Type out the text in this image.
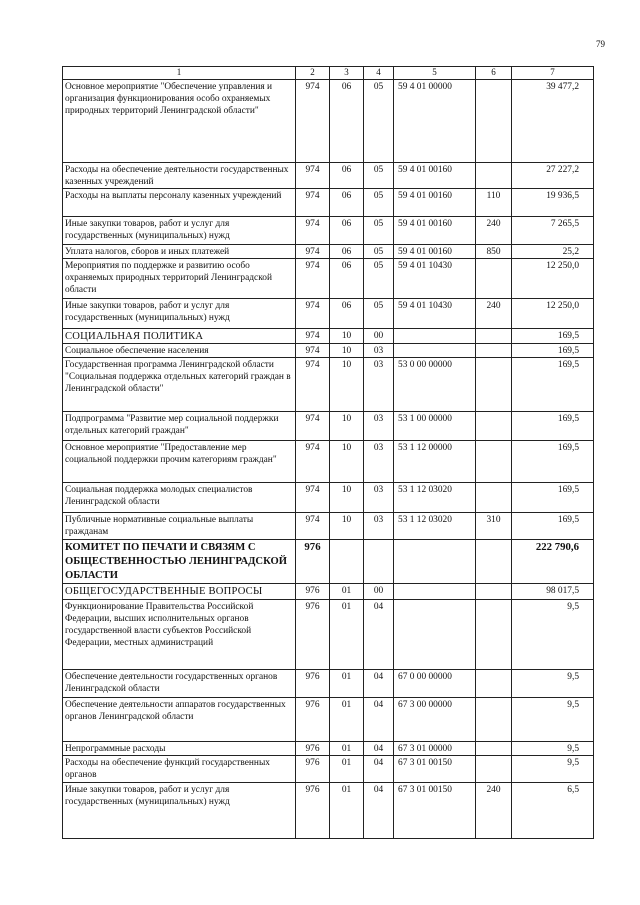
79
1	2	3	4	5	6	7
Основное мероприятие "Обеспечение управления и организация функционирования особо охраняемых природных территорий Ленинградской области"	974	06	05	59 4 01 00000		39 477,2
Расходы на обеспечение деятельности государственных казенных учреждений	974	06	05	59 4 01 00160		27 227,2
Расходы на выплаты персоналу казенных учреждений	974	06	05	59 4 01 00160	110	19 936,5
Иные закупки товаров, работ и услуг для государственных (муниципальных) нужд	974	06	05	59 4 01 00160	240	7 265,5
Уплата налогов, сборов и иных платежей	974	06	05	59 4 01 00160	850	25,2
Мероприятия по поддержке и развитию особо охраняемых природных территорий Ленинградской области	974	06	05	59 4 01 10430		12 250,0
Иные закупки товаров, работ и услуг для государственных (муниципальных) нужд	974	06	05	59 4 01 10430	240	12 250,0
СОЦИАЛЬНАЯ ПОЛИТИКА	974	10	00			169,5
Социальное обеспечение населения	974	10	03			169,5
Государственная программа Ленинградской области "Социальная поддержка отдельных категорий граждан в Ленинградской области"	974	10	03	53 0 00 00000		169,5
Подпрограмма "Развитие мер социальной поддержки отдельных категорий граждан"	974	10	03	53 1 00 00000		169,5
Основное мероприятие "Предоставление мер социальной поддержки прочим категориям граждан"	974	10	03	53 1 12 00000		169,5
Социальная поддержка молодых специалистов Ленинградской области	974	10	03	53 1 12 03020		169,5
Публичные нормативные социальные выплаты гражданам	974	10	03	53 1 12 03020	310	169,5
КОМИТЕТ ПО ПЕЧАТИ И СВЯЗЯМ С ОБЩЕСТВЕННОСТЬЮ ЛЕНИНГРАДСКОЙ ОБЛАСТИ	976					222 790,6
ОБЩЕГОСУДАРСТВЕННЫЕ ВОПРОСЫ	976	01	00			98 017,5
Функционирование Правительства Российской Федерации, высших исполнительных органов государственной власти субъектов Российской Федерации, местных администраций	976	01	04			9,5
Обеспечение деятельности государственных органов Ленинградской области	976	01	04	67 0 00 00000		9,5
Обеспечение деятельности аппаратов государственных органов Ленинградской области	976	01	04	67 3 00 00000		9,5
Непрограммные расходы	976	01	04	67 3 01 00000		9,5
Расходы на обеспечение функций государственных органов	976	01	04	67 3 01 00150		9,5
Иные закупки товаров, работ и услуг для государственных (муниципальных) нужд	976	01	04	67 3 01 00150	240	6,5
